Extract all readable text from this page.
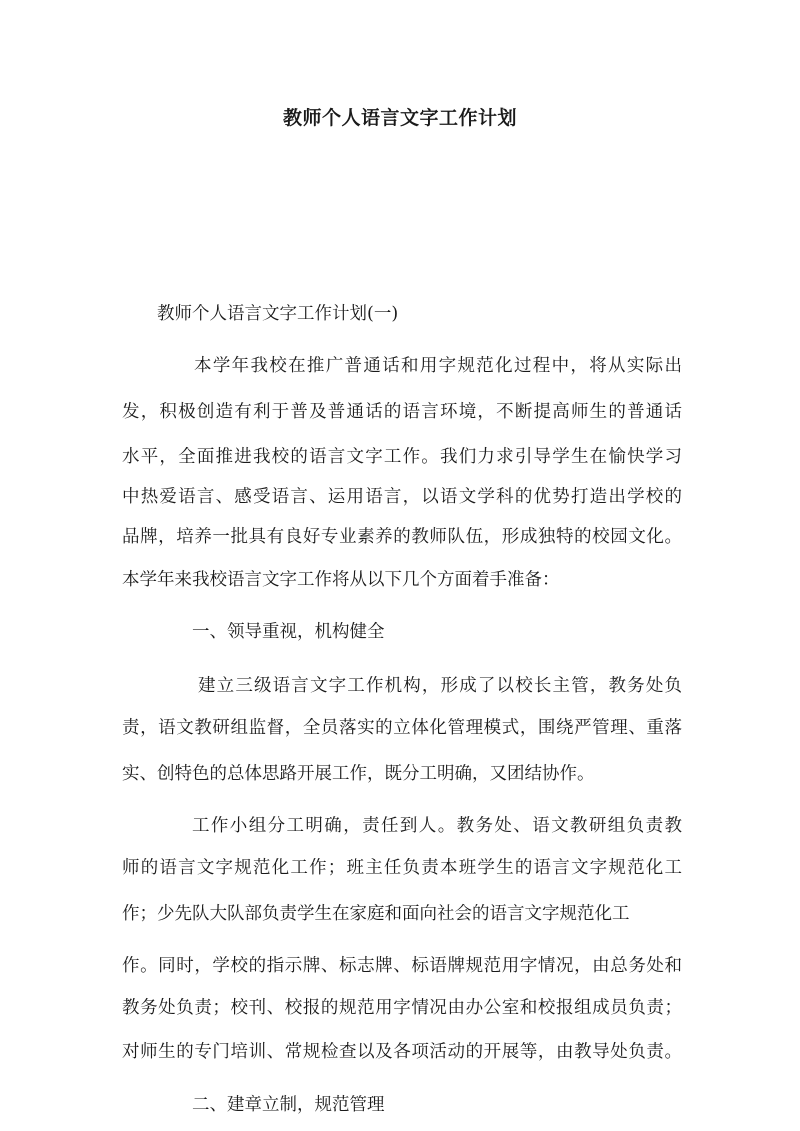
教师个人语言文字工作计划
教师个人语言文字工作计划(一)
本学年我校在推广普通话和用字规范化过程中，将从实际出
发，积极创造有利于普及普通话的语言环境，不断提高师生的普通话
水平，全面推进我校的语言文字工作。我们力求引导学生在愉快学习
中热爱语言、感受语言、运用语言，以语文学科的优势打造出学校的
品牌，培养一批具有良好专业素养的教师队伍，形成独特的校园文化。
本学年来我校语言文字工作将从以下几个方面着手准备：
一、领导重视，机构健全
建立三级语言文字工作机构，形成了以校长主管，教务处负
责，语文教研组监督，全员落实的立体化管理模式，围绕严管理、重落
实、创特色的总体思路开展工作，既分工明确，又团结协作。
工作小组分工明确，责任到人。教务处、语文教研组负责教
师的语言文字规范化工作；班主任负责本班学生的语言文字规范化工
作；少先队大队部负责学生在家庭和面向社会的语言文字规范化工
作。同时，学校的指示牌、标志牌、标语牌规范用字情况，由总务处和
教务处负责；校刊、校报的规范用字情况由办公室和校报组成员负责；
对师生的专门培训、常规检查以及各项活动的开展等，由教导处负责。
二、建章立制，规范管理
